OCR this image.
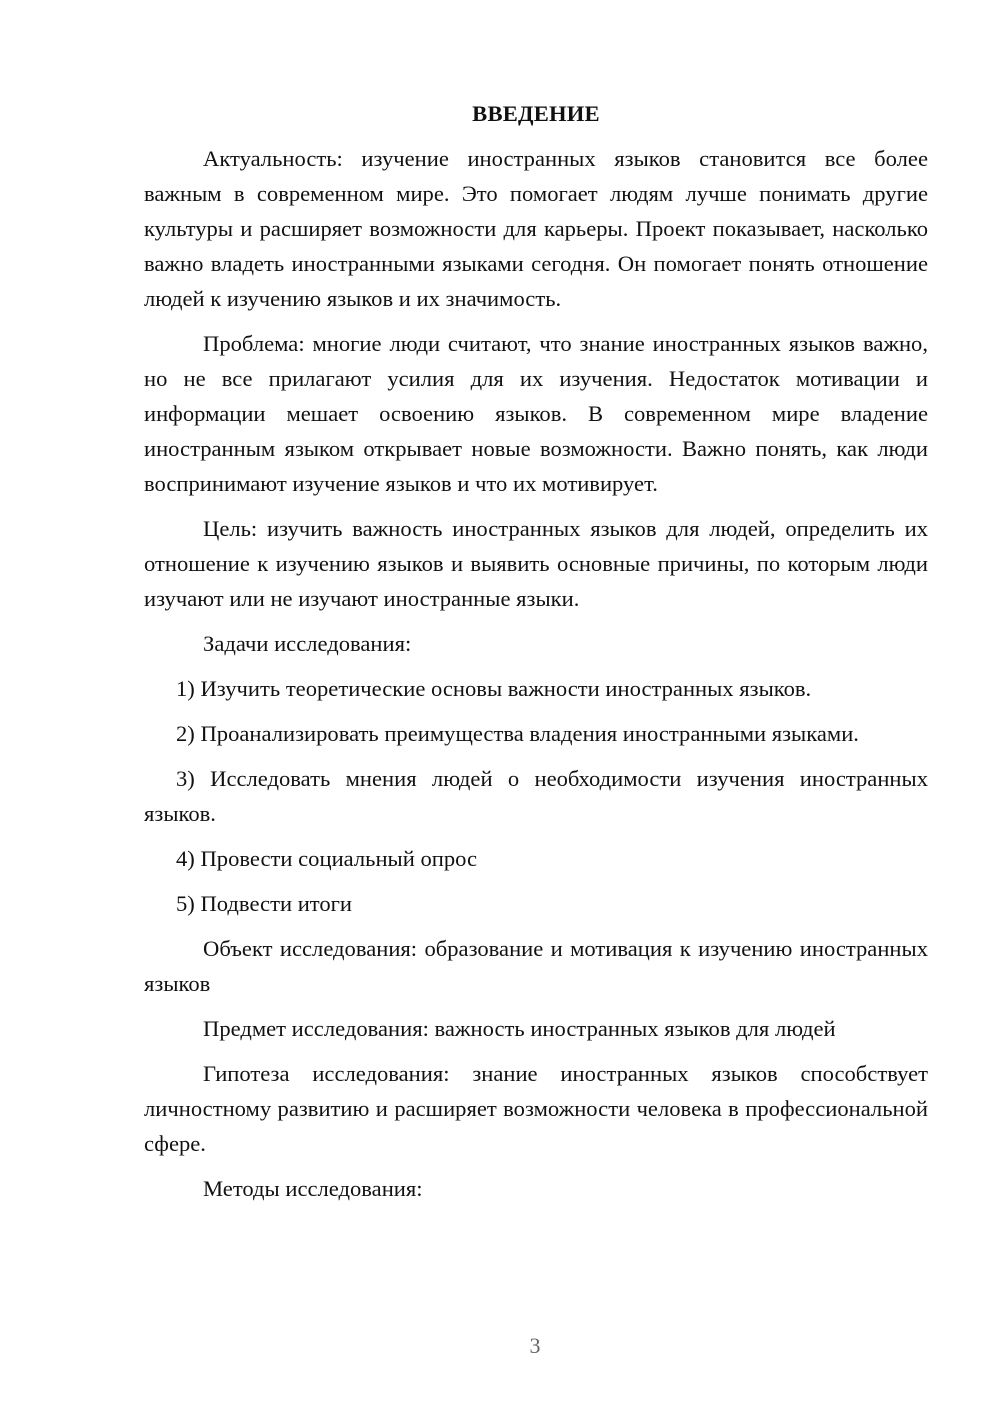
ВВЕДЕНИЕ

Актуальность: изучение иностранных языков становится все более важным в современном мире. Это помогает людям лучше понимать другие культуры и расширяет возможности для карьеры. Проект показывает, насколько важно владеть иностранными языками сегодня. Он помогает понять отношение людей к изучению языков и их значимость.

Проблема: многие люди считают, что знание иностранных языков важно, но не все прилагают усилия для их изучения. Недостаток мотивации и информации мешает освоению языков. В современном мире владение иностранным языком открывает новые возможности. Важно понять, как люди воспринимают изучение языков и что их мотивирует.

Цель: изучить важность иностранных языков для людей, определить их отношение к изучению языков и выявить основные причины, по которым люди изучают или не изучают иностранные языки.

Задачи исследования:

1) Изучить теоретические основы важности иностранных языков.

2) Проанализировать преимущества владения иностранными языками.

3) Исследовать мнения людей о необходимости изучения иностранных языков.

4) Провести социальный опрос

5) Подвести итоги

Объект исследования: образование и мотивация к изучению иностранных языков

Предмет исследования: важность иностранных языков для людей

Гипотеза исследования: знание иностранных языков способствует личностному развитию и расширяет возможности человека в профессиональной сфере.

Методы исследования:

3
